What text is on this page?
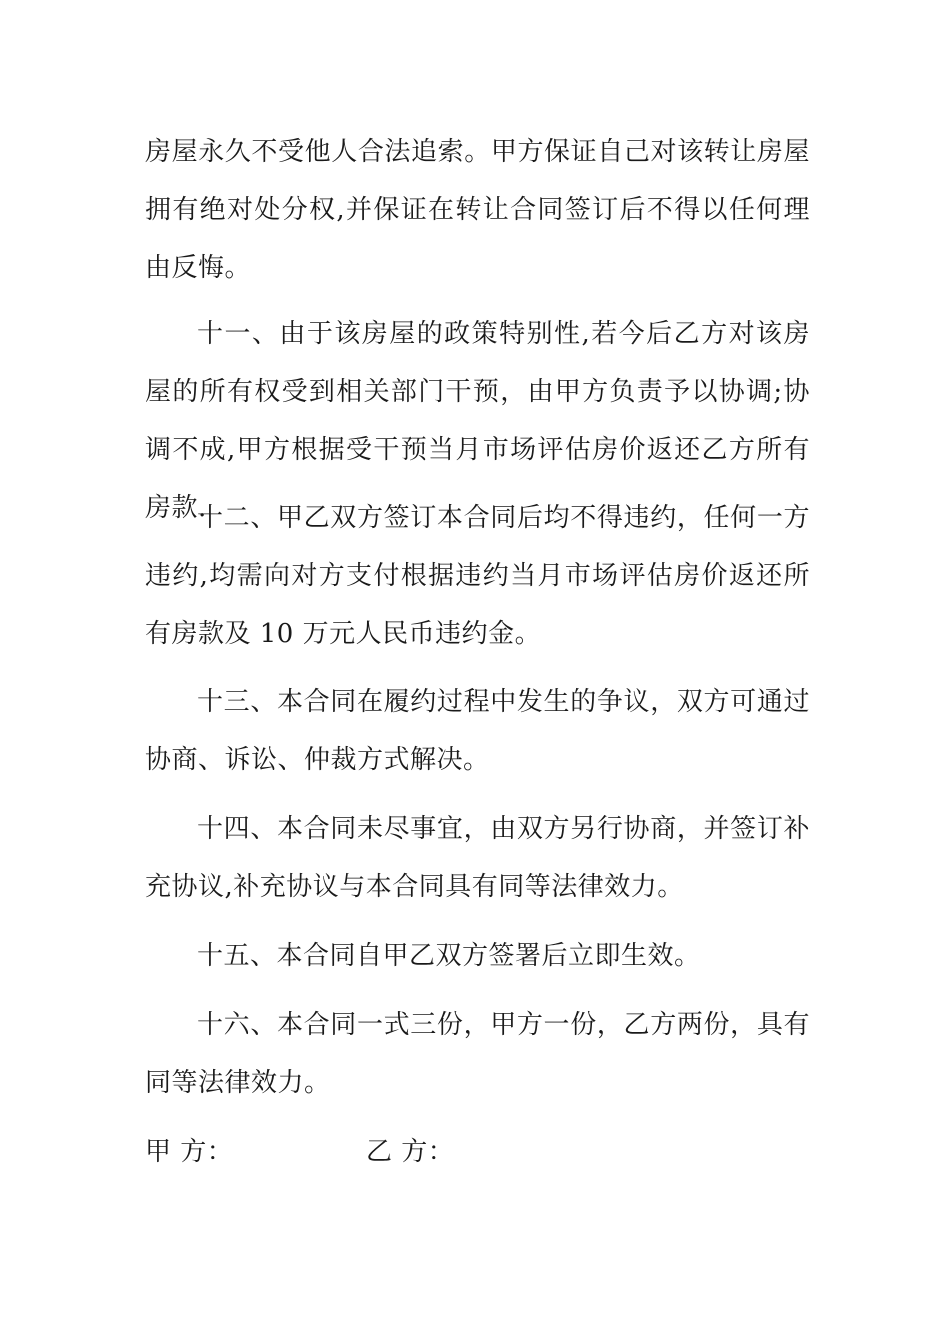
房屋永久不受他人合法追索。甲方保证自己对该转让房屋拥有绝对处分权,并保证在转让合同签订后不得以任何理由反悔。

十一、由于该房屋的政策特别性,若今后乙方对该房屋的所有权受到相关部门干预，由甲方负责予以协调;协调不成,甲方根据受干预当月市场评估房价返还乙方所有房款.

十二、甲乙双方签订本合同后均不得违约，任何一方违约,均需向对方支付根据违约当月市场评估房价返还所有房款及 10 万元人民币违约金。

十三、本合同在履约过程中发生的争议，双方可通过协商、诉讼、仲裁方式解决。

十四、本合同未尽事宜，由双方另行协商，并签订补充协议,补充协议与本合同具有同等法律效力。

十五、本合同自甲乙双方签署后立即生效。

十六、本合同一式三份，甲方一份，乙方两份，具有同等法律效力。

甲 方：	乙 方：
